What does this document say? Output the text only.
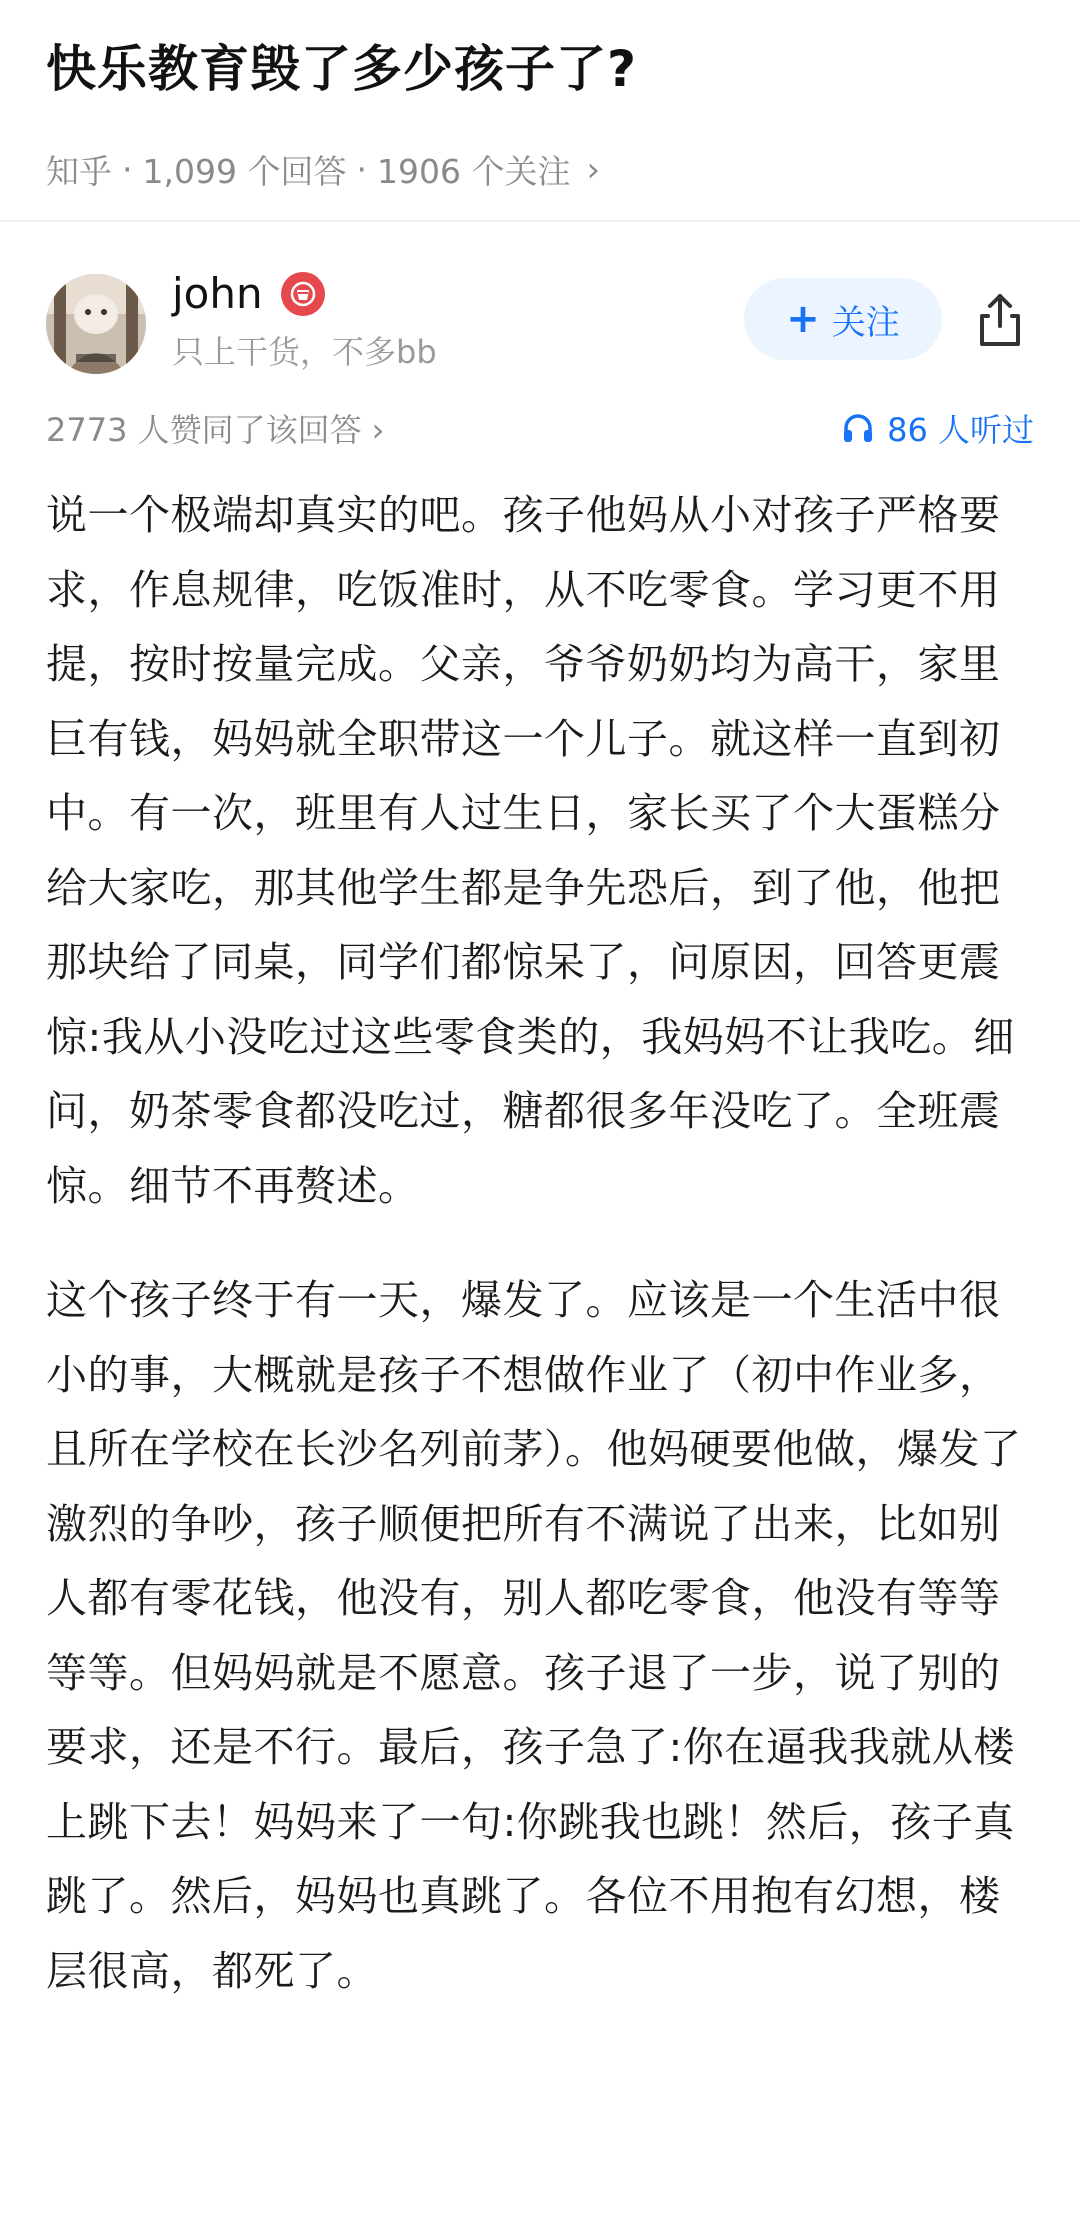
快乐教育毁了多少孩子了?
知乎 · 1,099 个回答 · 1906 个关注 ›
john
只上干货，不多bb
+ 关注
2773 人赞同了该回答 ›	86 人听过

说一个极端却真实的吧。孩子他妈从小对孩子严格要求，作息规律，吃饭准时，从不吃零食。学习更不用提，按时按量完成。父亲，爷爷奶奶均为高干，家里巨有钱，妈妈就全职带这一个儿子。就这样一直到初中。有一次，班里有人过生日，家长买了个大蛋糕分给大家吃，那其他学生都是争先恐后，到了他，他把那块给了同桌，同学们都惊呆了，问原因，回答更震惊:我从小没吃过这些零食类的，我妈妈不让我吃。细问，奶茶零食都没吃过，糖都很多年没吃了。全班震惊。细节不再赘述。

这个孩子终于有一天，爆发了。应该是一个生活中很小的事，大概就是孩子不想做作业了（初中作业多，且所在学校在长沙名列前茅）。他妈硬要他做，爆发了激烈的争吵，孩子顺便把所有不满说了出来，比如别人都有零花钱，他没有，别人都吃零食，他没有等等等等。但妈妈就是不愿意。孩子退了一步，说了别的要求，还是不行。最后，孩子急了:你在逼我我就从楼上跳下去！妈妈来了一句:你跳我也跳！然后，孩子真跳了。然后，妈妈也真跳了。各位不用抱有幻想，楼层很高，都死了。
